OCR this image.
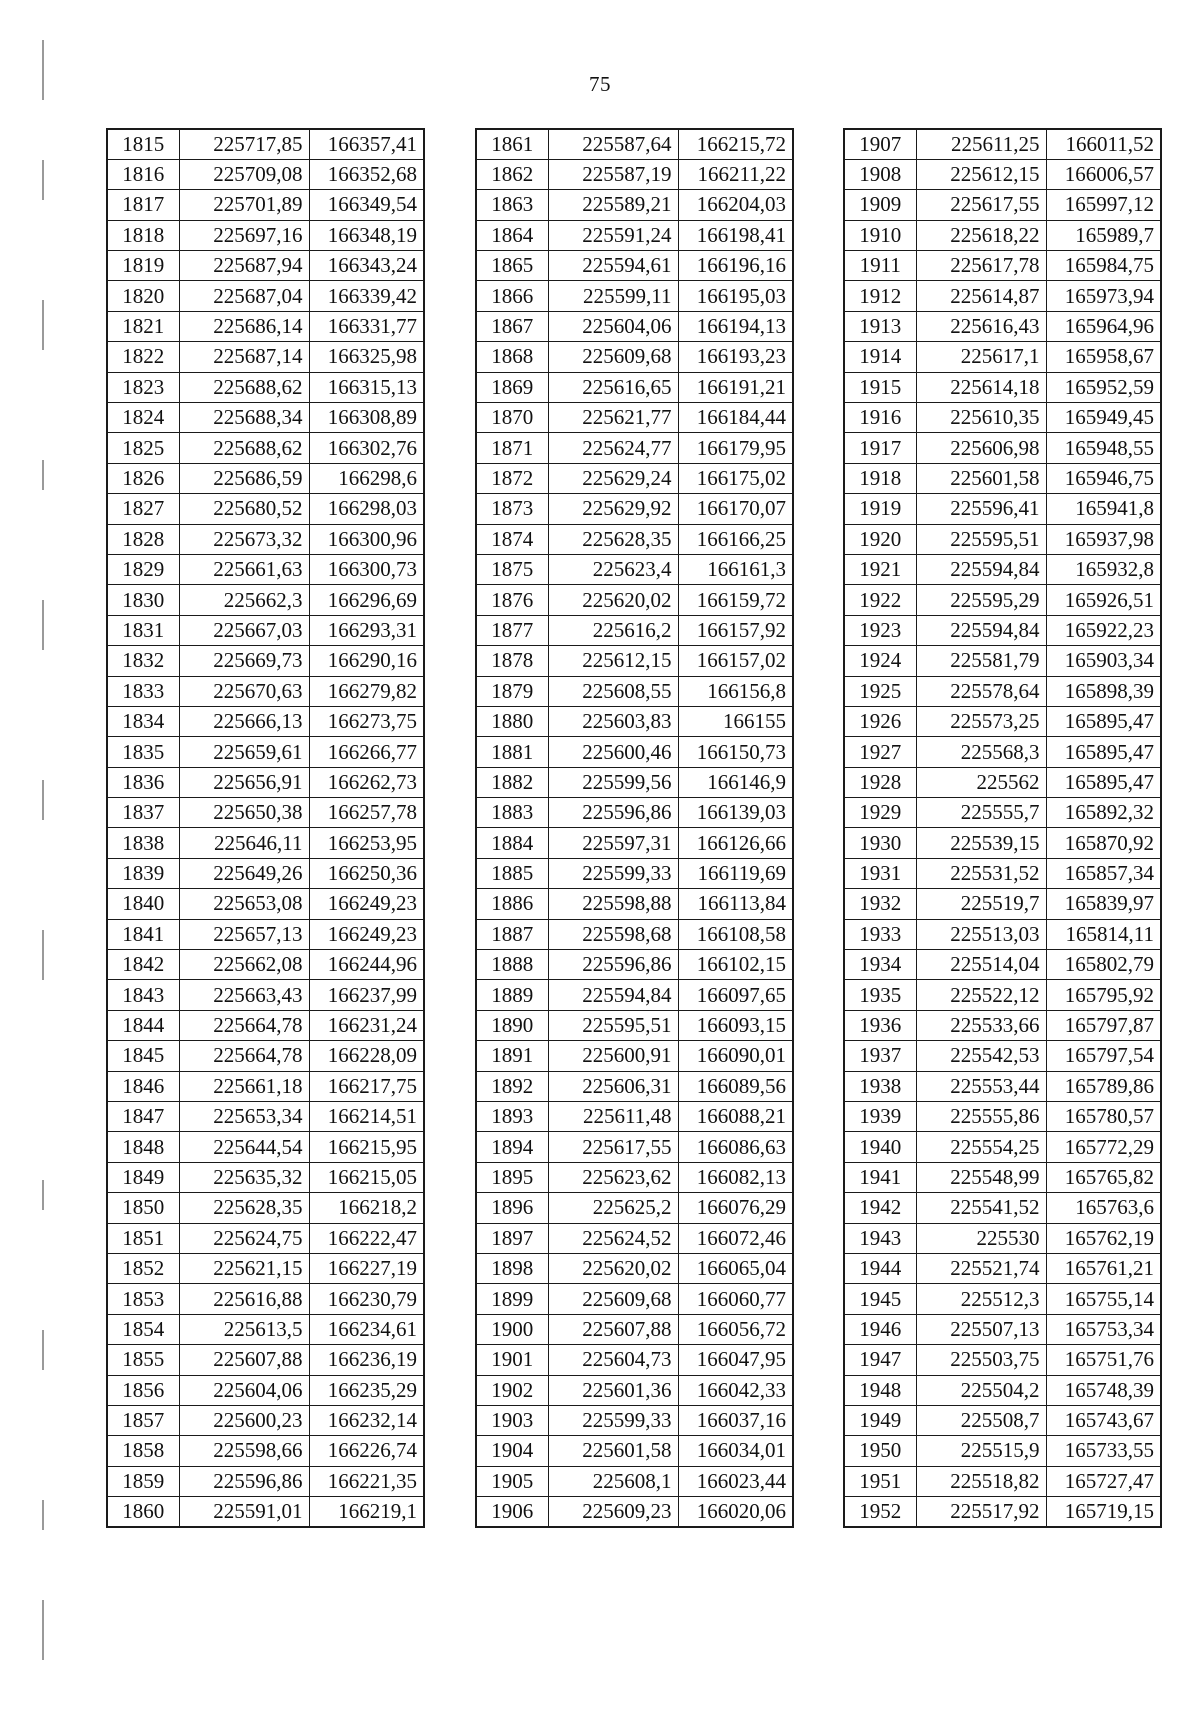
75
1815	225717,85	166357,41
1816	225709,08	166352,68
1817	225701,89	166349,54
1818	225697,16	166348,19
1819	225687,94	166343,24
1820	225687,04	166339,42
1821	225686,14	166331,77
1822	225687,14	166325,98
1823	225688,62	166315,13
1824	225688,34	166308,89
1825	225688,62	166302,76
1826	225686,59	166298,6
1827	225680,52	166298,03
1828	225673,32	166300,96
1829	225661,63	166300,73
1830	225662,3	166296,69
1831	225667,03	166293,31
1832	225669,73	166290,16
1833	225670,63	166279,82
1834	225666,13	166273,75
1835	225659,61	166266,77
1836	225656,91	166262,73
1837	225650,38	166257,78
1838	225646,11	166253,95
1839	225649,26	166250,36
1840	225653,08	166249,23
1841	225657,13	166249,23
1842	225662,08	166244,96
1843	225663,43	166237,99
1844	225664,78	166231,24
1845	225664,78	166228,09
1846	225661,18	166217,75
1847	225653,34	166214,51
1848	225644,54	166215,95
1849	225635,32	166215,05
1850	225628,35	166218,2
1851	225624,75	166222,47
1852	225621,15	166227,19
1853	225616,88	166230,79
1854	225613,5	166234,61
1855	225607,88	166236,19
1856	225604,06	166235,29
1857	225600,23	166232,14
1858	225598,66	166226,74
1859	225596,86	166221,35
1860	225591,01	166219,1
1861	225587,64	166215,72
1862	225587,19	166211,22
1863	225589,21	166204,03
1864	225591,24	166198,41
1865	225594,61	166196,16
1866	225599,11	166195,03
1867	225604,06	166194,13
1868	225609,68	166193,23
1869	225616,65	166191,21
1870	225621,77	166184,44
1871	225624,77	166179,95
1872	225629,24	166175,02
1873	225629,92	166170,07
1874	225628,35	166166,25
1875	225623,4	166161,3
1876	225620,02	166159,72
1877	225616,2	166157,92
1878	225612,15	166157,02
1879	225608,55	166156,8
1880	225603,83	166155
1881	225600,46	166150,73
1882	225599,56	166146,9
1883	225596,86	166139,03
1884	225597,31	166126,66
1885	225599,33	166119,69
1886	225598,88	166113,84
1887	225598,68	166108,58
1888	225596,86	166102,15
1889	225594,84	166097,65
1890	225595,51	166093,15
1891	225600,91	166090,01
1892	225606,31	166089,56
1893	225611,48	166088,21
1894	225617,55	166086,63
1895	225623,62	166082,13
1896	225625,2	166076,29
1897	225624,52	166072,46
1898	225620,02	166065,04
1899	225609,68	166060,77
1900	225607,88	166056,72
1901	225604,73	166047,95
1902	225601,36	166042,33
1903	225599,33	166037,16
1904	225601,58	166034,01
1905	225608,1	166023,44
1906	225609,23	166020,06
1907	225611,25	166011,52
1908	225612,15	166006,57
1909	225617,55	165997,12
1910	225618,22	165989,7
1911	225617,78	165984,75
1912	225614,87	165973,94
1913	225616,43	165964,96
1914	225617,1	165958,67
1915	225614,18	165952,59
1916	225610,35	165949,45
1917	225606,98	165948,55
1918	225601,58	165946,75
1919	225596,41	165941,8
1920	225595,51	165937,98
1921	225594,84	165932,8
1922	225595,29	165926,51
1923	225594,84	165922,23
1924	225581,79	165903,34
1925	225578,64	165898,39
1926	225573,25	165895,47
1927	225568,3	165895,47
1928	225562	165895,47
1929	225555,7	165892,32
1930	225539,15	165870,92
1931	225531,52	165857,34
1932	225519,7	165839,97
1933	225513,03	165814,11
1934	225514,04	165802,79
1935	225522,12	165795,92
1936	225533,66	165797,87
1937	225542,53	165797,54
1938	225553,44	165789,86
1939	225555,86	165780,57
1940	225554,25	165772,29
1941	225548,99	165765,82
1942	225541,52	165763,6
1943	225530	165762,19
1944	225521,74	165761,21
1945	225512,3	165755,14
1946	225507,13	165753,34
1947	225503,75	165751,76
1948	225504,2	165748,39
1949	225508,7	165743,67
1950	225515,9	165733,55
1951	225518,82	165727,47
1952	225517,92	165719,15
